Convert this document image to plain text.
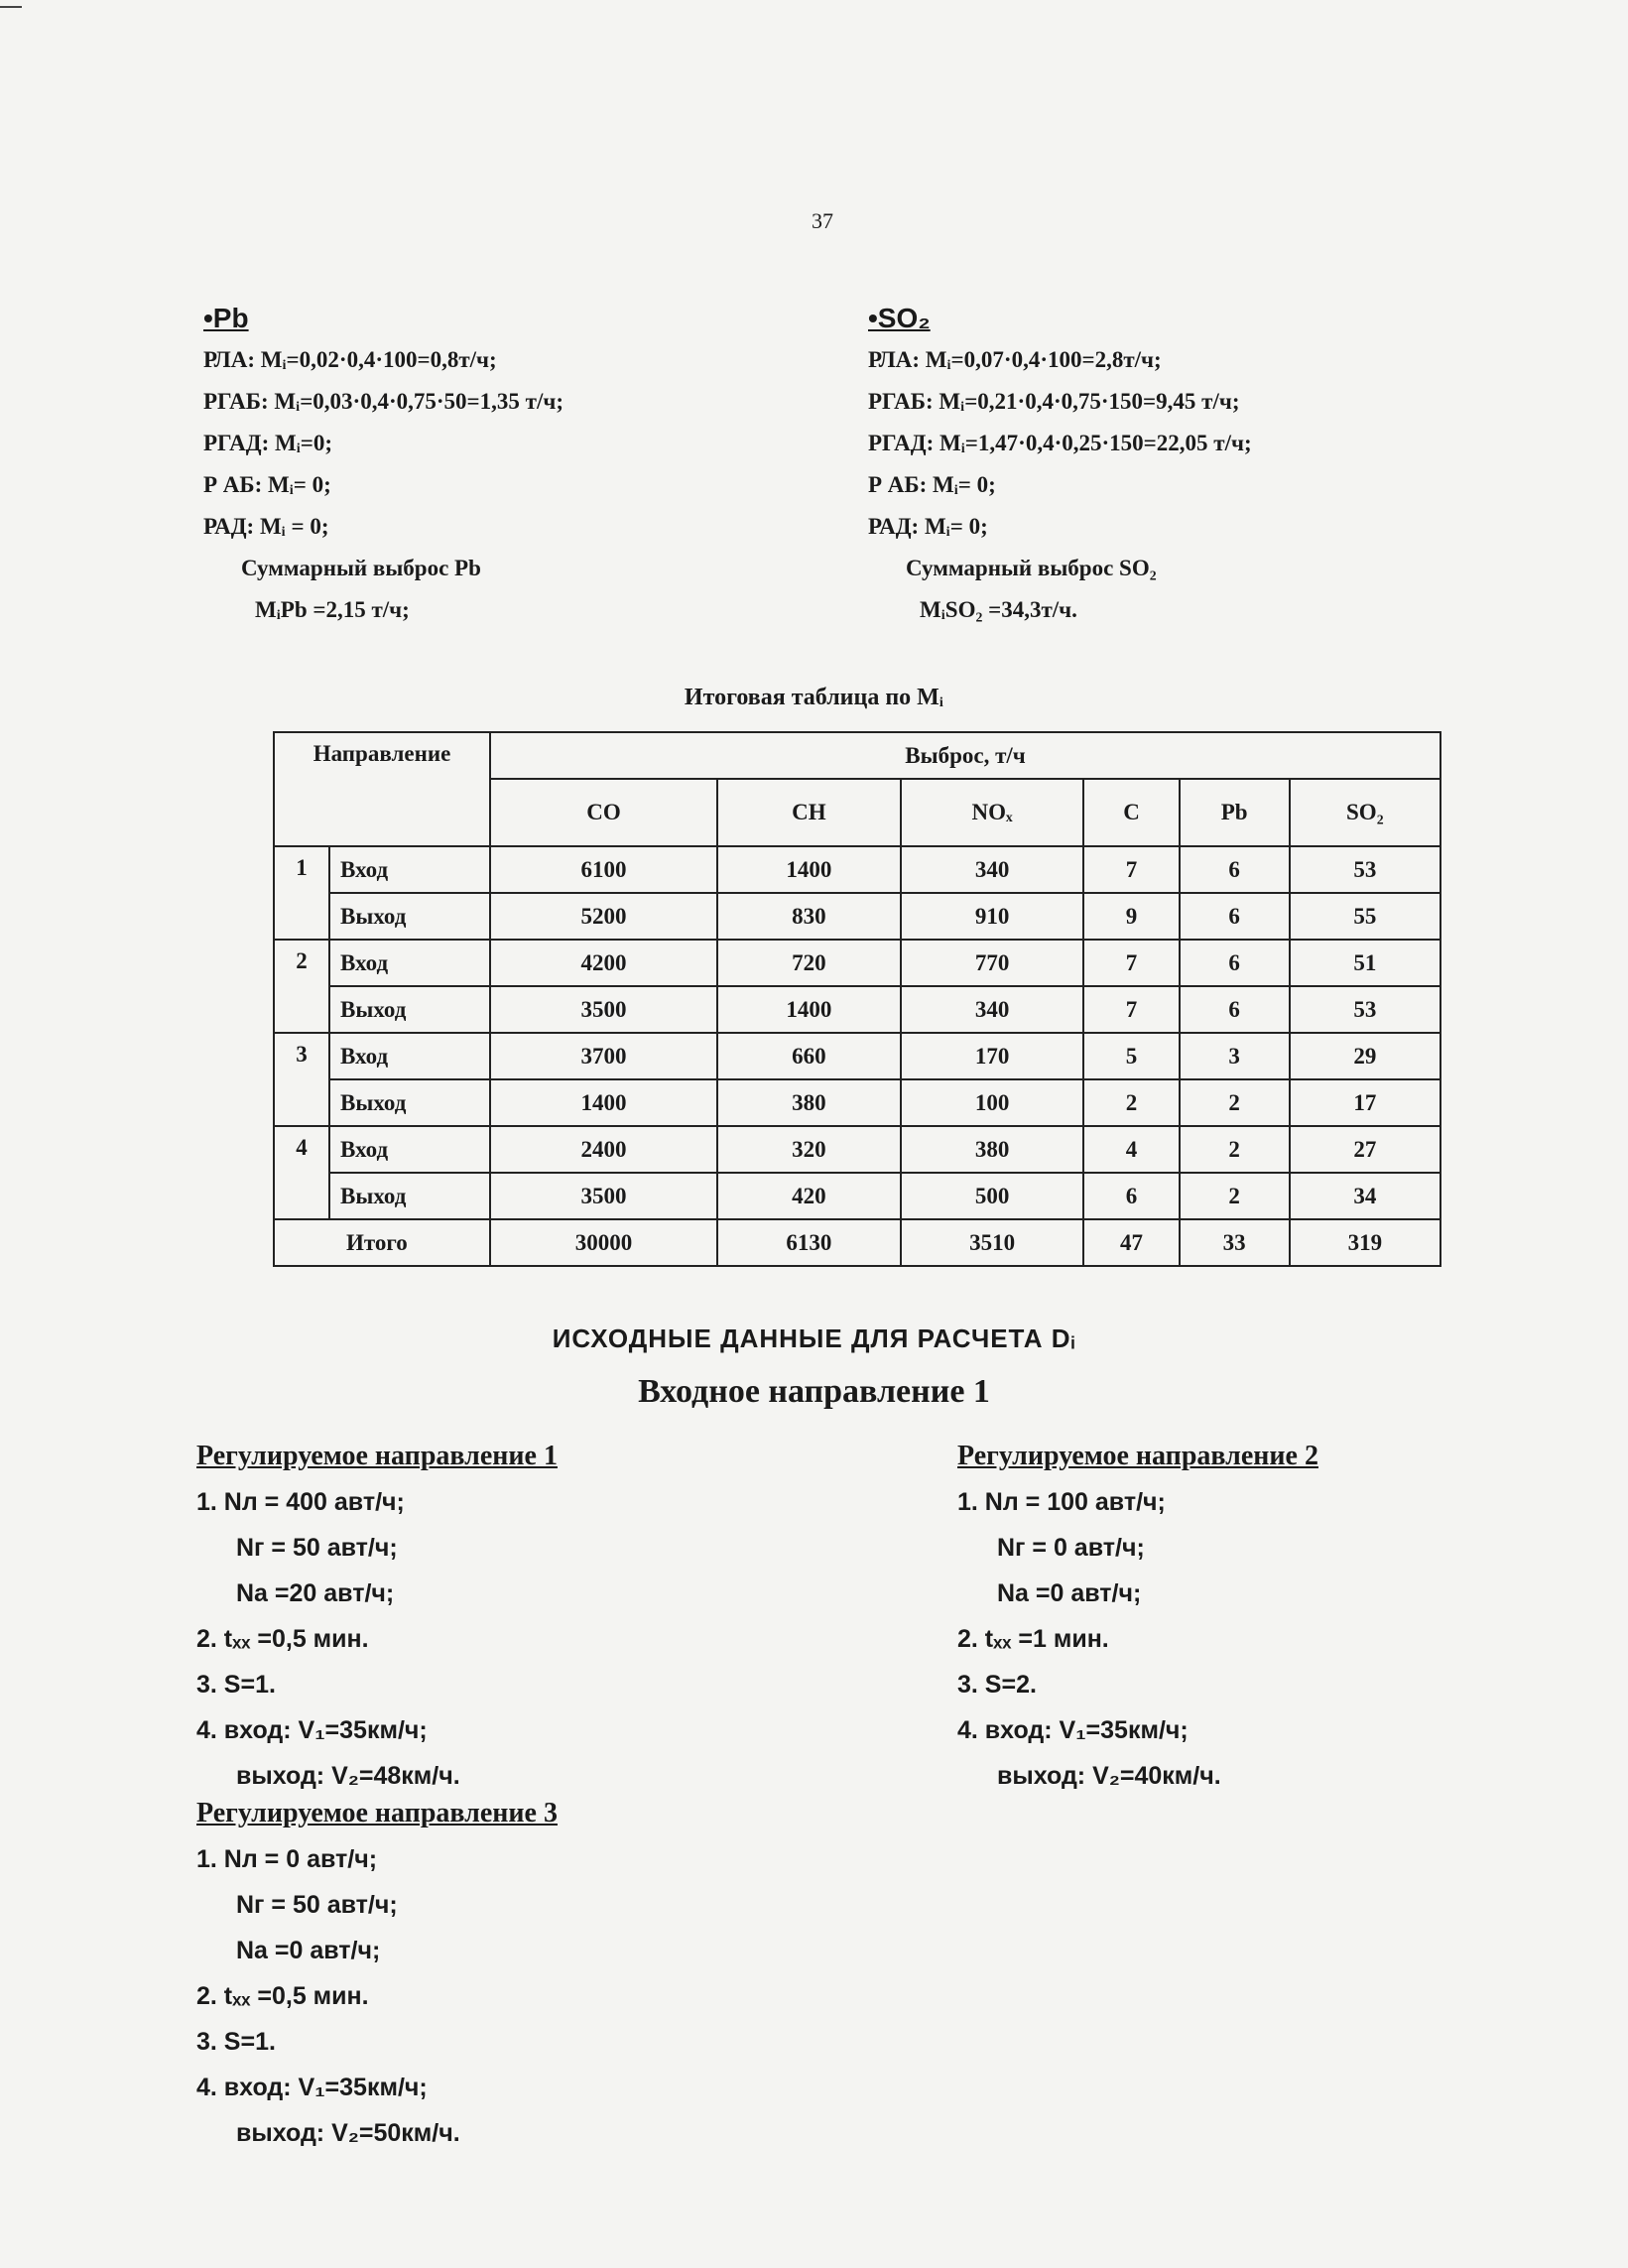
37
•Pb
РЛА: Mᵢ=0,02·0,4·100=0,8т/ч;
РГАБ: Mᵢ=0,03·0,4·0,75·50=1,35 т/ч;
РГАД: Mᵢ=0;
Р АБ: Mᵢ= 0;
РАД: Mᵢ = 0;
Суммарный выброс Pb
MᵢPb =2,15 т/ч;
•SO₂
РЛА: Mᵢ=0,07·0,4·100=2,8т/ч;
РГАБ: Mᵢ=0,21·0,4·0,75·150=9,45 т/ч;
РГАД: Mᵢ=1,47·0,4·0,25·150=22,05 т/ч;
Р АБ: Mᵢ= 0;
РАД: Mᵢ= 0;
Суммарный выброс SO₂
MᵢSO₂ =34,3т/ч.
Итоговая таблица по Mᵢ
Направление		Выброс, т/ч					
		CO	CH	NOₓ	C	Pb	SO₂
1	Вход	6100	1400	340	7	6	53
	Выход	5200	830	910	9	6	55
2	Вход	4200	720	770	7	6	51
	Выход	3500	1400	340	7	6	53
3	Вход	3700	660	170	5	3	29
	Выход	1400	380	100	2	2	17
4	Вход	2400	320	380	4	2	27
	Выход	3500	420	500	6	2	34
Итого		30000	6130	3510	47	33	319
ИСХОДНЫЕ ДАННЫЕ ДЛЯ РАСЧЕТА Dᵢ
Входное направление 1
Регулируемое направление 1
1. Nл = 400 авт/ч;
Nг = 50 авт/ч;
Nа =20 авт/ч;
2. tₓₓ =0,5 мин.
3. S=1.
4. вход: V₁=35км/ч;
выход: V₂=48км/ч.
Регулируемое направление 2
1. Nл = 100 авт/ч;
Nг = 0 авт/ч;
Nа =0 авт/ч;
2. tₓₓ =1 мин.
3. S=2.
4. вход: V₁=35км/ч;
выход: V₂=40км/ч.
Регулируемое направление 3
1. Nл = 0 авт/ч;
Nг = 50 авт/ч;
Nа =0 авт/ч;
2. tₓₓ =0,5 мин.
3. S=1.
4. вход: V₁=35км/ч;
выход: V₂=50км/ч.
